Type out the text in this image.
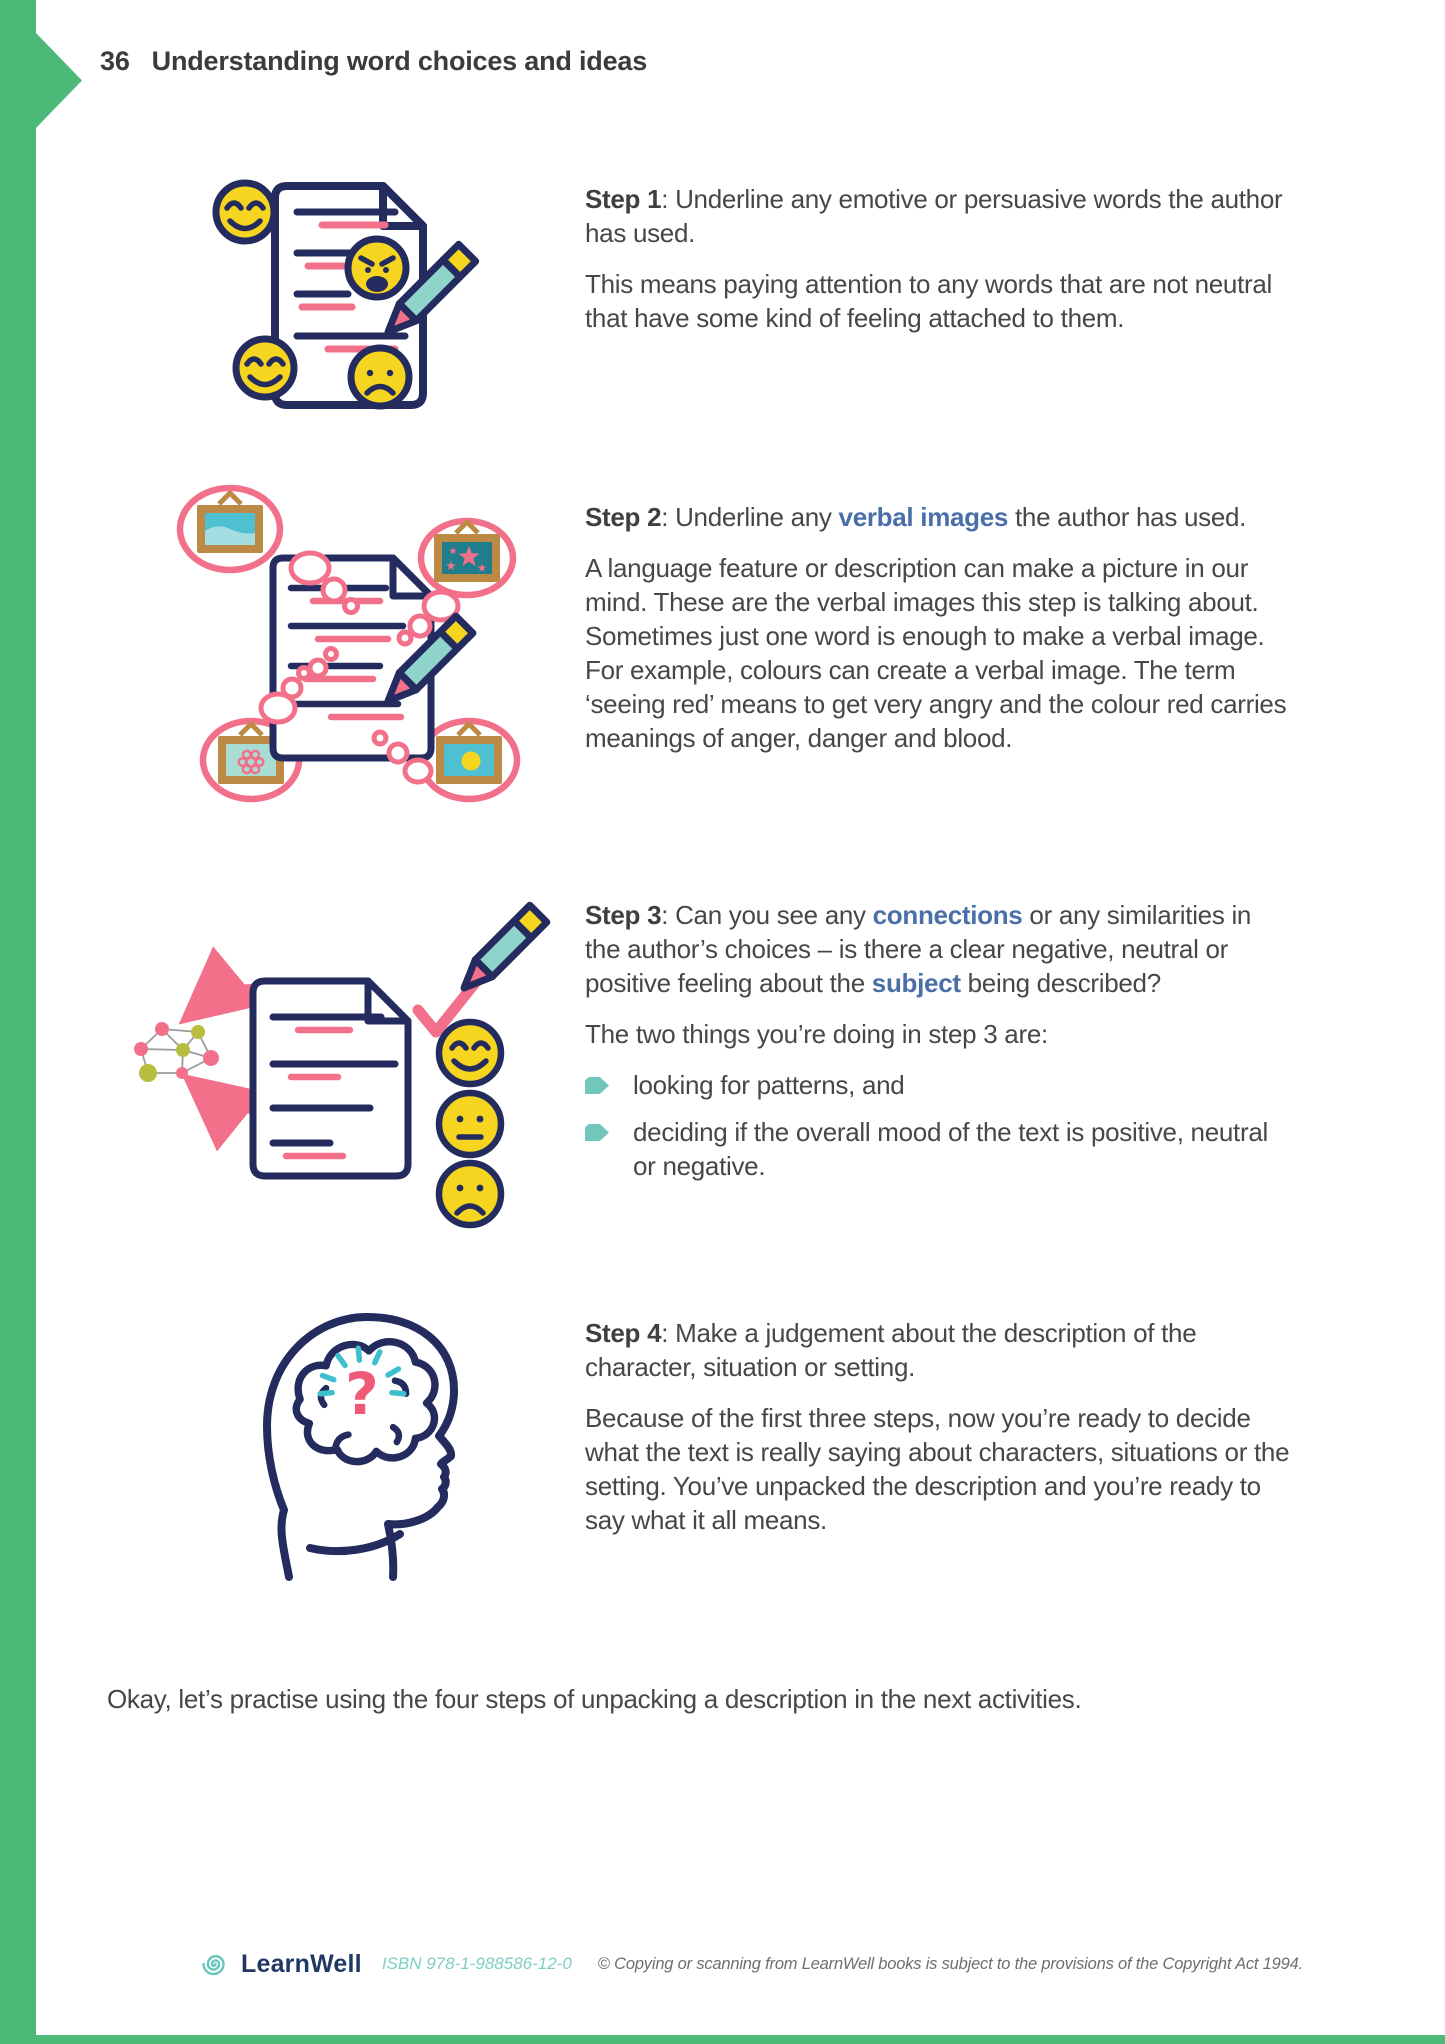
36 Understanding word choices and ideas

Step 1: Underline any emotive or persuasive words the author has used.

This means paying attention to any words that are not neutral that have some kind of feeling attached to them.

Step 2: Underline any verbal images the author has used.

A language feature or description can make a picture in our mind. These are the verbal images this step is talking about. Sometimes just one word is enough to make a verbal image. For example, colours can create a verbal image. The term ‘seeing red’ means to get very angry and the colour red carries meanings of anger, danger and blood.

Step 3: Can you see any connections or any similarities in the author’s choices – is there a clear negative, neutral or positive feeling about the subject being described?

The two things you’re doing in step 3 are:

looking for patterns, and
deciding if the overall mood of the text is positive, neutral or negative.
?

Step 4: Make a judgement about the description of the character, situation or setting.

Because of the first three steps, now you’re ready to decide what the text is really saying about characters, situations or the setting. You’ve unpacked the description and you’re ready to say what it all means.

Okay, let’s practise using the four steps of unpacking a description in the next activities.

LearnWell ISBN 978-1-988586-12-0 © Copying or scanning from LearnWell books is subject to the provisions of the Copyright Act 1994.
